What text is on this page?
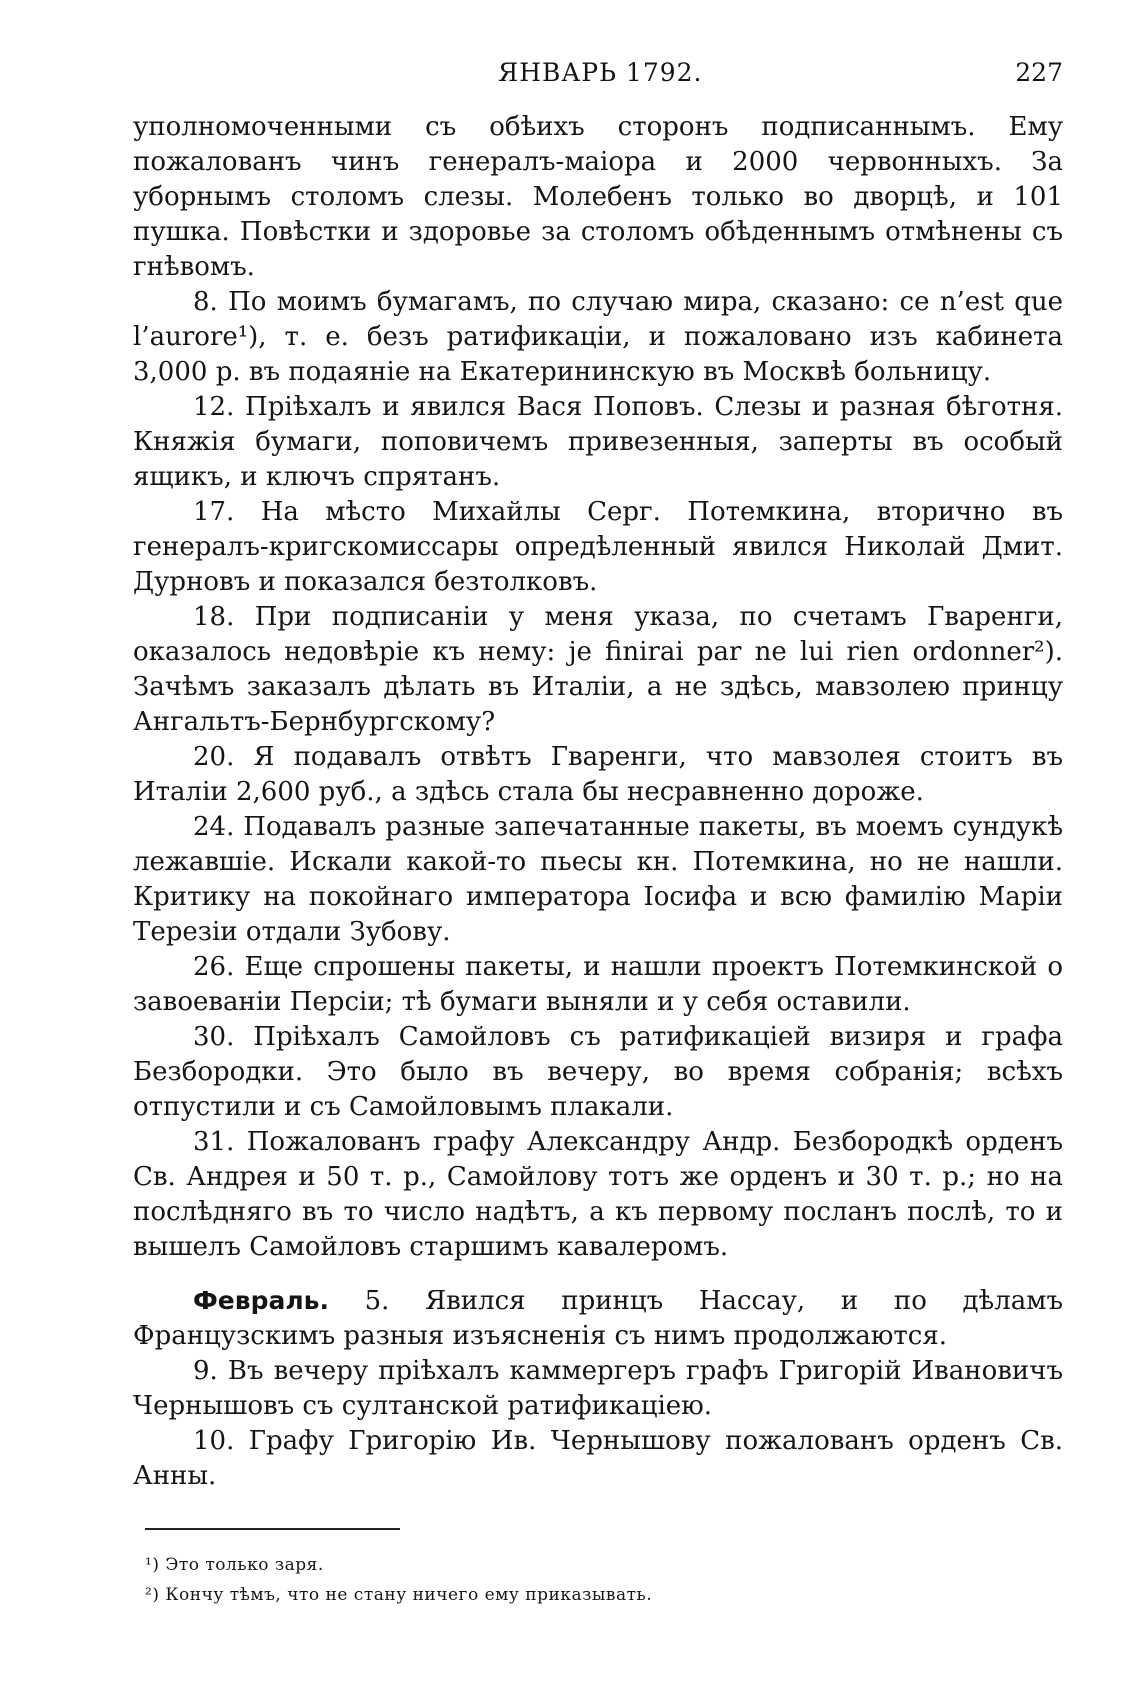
ЯНВАРЬ 1792.	227

уполномоченными съ обѣихъ сторонъ подписаннымъ. Ему пожалованъ чинъ генералъ-маіора и 2000 червонныхъ. За уборнымъ столомъ слезы. Молебенъ только во дворцѣ, и 101 пушка. Повѣстки и здоровье за столомъ обѣденнымъ отмѣнены съ гнѣвомъ.

8. По моимъ бумагамъ, по случаю мира, сказано: ce n’est que l’aurore¹), т. е. безъ ратификаціи, и пожаловано изъ кабинета 3,000 р. въ подаяніе на Екатерининскую въ Москвѣ больницу.

12. Пріѣхалъ и явился Вася Поповъ. Слезы и разная бѣготня. Княжія бумаги, поповичемъ привезенныя, заперты въ особый ящикъ, и ключъ спрятанъ.

17. На мѣсто Михайлы Серг. Потемкина, вторично въ генералъ-кригскомиссары опредѣленный явился Николай Дмит. Дурновъ и показался безтолковъ.

18. При подписаніи у меня указа, по счетамъ Гваренги, оказалось недовѣріе къ нему: je finirai par ne lui rien ordonner²). Зачѣмъ заказалъ дѣлать въ Италіи, а не здѣсь, мавзолею принцу Ангальтъ-Бернбургскому?

20. Я подавалъ отвѣтъ Гваренги, что мавзолея стоитъ въ Италіи 2,600 руб., а здѣсь стала бы несравненно дороже.

24. Подавалъ разные запечатанные пакеты, въ моемъ сундукѣ лежавшіе. Искали какой-то пьесы кн. Потемкина, но не нашли. Критику на покойнаго императора Іосифа и всю фамилію Маріи Терезіи отдали Зубову.

26. Еще спрошены пакеты, и нашли проектъ Потемкинской о завоеваніи Персіи; тѣ бумаги выняли и у себя оставили.

30. Пріѣхалъ Самойловъ съ ратификаціей визиря и графа Безбородки. Это было въ вечеру, во время собранія; всѣхъ отпустили и съ Самойловымъ плакали.

31. Пожалованъ графу Александру Андр. Безбородкѣ орденъ Св. Андрея и 50 т. р., Самойлову тотъ же орденъ и 30 т. р.; но на послѣдняго въ то число надѣтъ, а къ первому посланъ послѣ, то и вышелъ Самойловъ старшимъ кавалеромъ.

Февраль. 5. Явился принцъ Нассау, и по дѣламъ Французскимъ разныя изъясненія съ нимъ продолжаются.

9. Въ вечеру пріѣхалъ каммергеръ графъ Григорій Ивановичъ Чернышовъ съ султанской ратификаціею.

10. Графу Григорію Ив. Чернышову пожалованъ орденъ Св. Анны.

¹) Это только заря.

²) Кончу тѣмъ, что не стану ничего ему приказывать.
